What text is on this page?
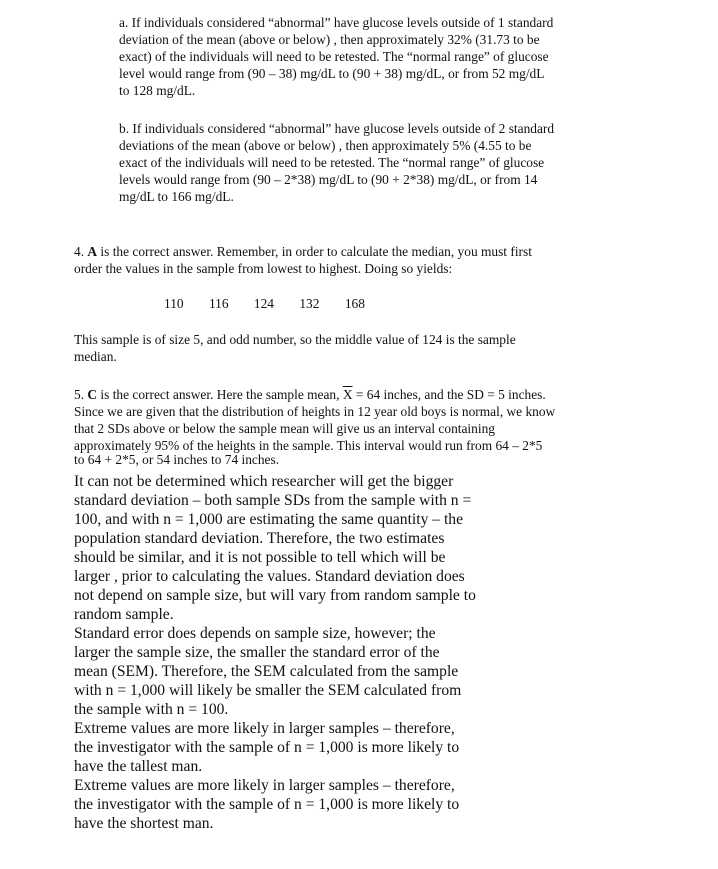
a. If individuals considered “abnormal” have glucose levels outside of 1 standard
deviation of the mean (above or below) , then approximately 32% (31.73 to be
exact) of the individuals will need to be retested. The “normal range” of glucose
level would range from (90 – 38) mg/dL to (90 + 38) mg/dL, or from 52 mg/dL
to 128 mg/dL.
b. If individuals considered “abnormal” have glucose levels outside of 2 standard
deviations of the mean (above or below) , then approximately 5% (4.55 to be
exact of the individuals will need to be retested. The “normal range” of glucose
levels would range from (90 – 2*38) mg/dL to (90 + 2*38) mg/dL, or from 14
mg/dL to 166 mg/dL.
4. A is the correct answer. Remember, in order to calculate the median, you must first
order the values in the sample from lowest to highest. Doing so yields:
110 116 124 132 168
This sample is of size 5, and odd number, so the middle value of 124 is the sample
median.
5. C is the correct answer. Here the sample mean, $\overline{X} = 64$ inches, and the SD = 5 inches.
Since we are given that the distribution of heights in 12 year old boys is normal, we know
that 2 SDs above or below the sample mean will give us an interval containing
approximately 95% of the heights in the sample. This interval would run from 64 – 2*5
to 64 + 2*5, or 54 inches to 74 inches.
It can not be determined which researcher will get the bigger
standard deviation – both sample SDs from the sample with n =
100, and with n = 1,000 are estimating the same quantity – the
population standard deviation. Therefore, the two estimates
should be similar, and it is not possible to tell which will be
larger , prior to calculating the values. Standard deviation does
not depend on sample size, but will vary from random sample to
random sample.
Standard error does depends on sample size, however; the
larger the sample size, the smaller the standard error of the
mean (SEM). Therefore, the SEM calculated from the sample
with n = 1,000 will likely be smaller the SEM calculated from
the sample with n = 100.
Extreme values are more likely in larger samples – therefore,
the investigator with the sample of n = 1,000 is more likely to
have the tallest man.
Extreme values are more likely in larger samples – therefore,
the investigator with the sample of n = 1,000 is more likely to
have the shortest man.
